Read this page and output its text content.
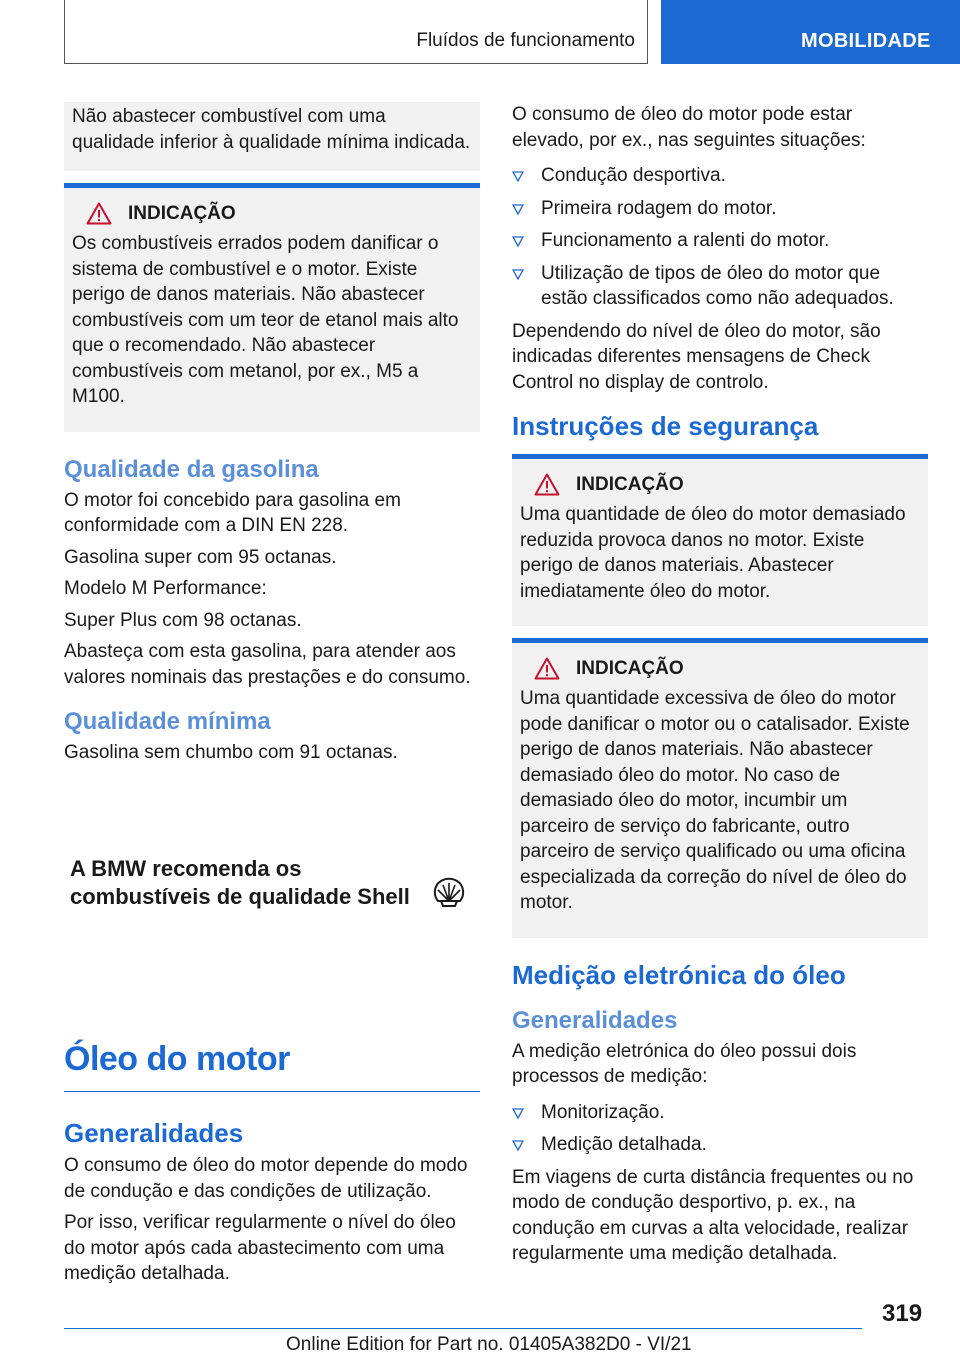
Fluídos de funcionamento	MOBILIDADE

Não abastecer combustível com uma qualidade inferior à qualidade mínima indicada.

INDICAÇÃO

Os combustíveis errados podem danificar o sistema de combustível e o motor. Existe perigo de danos materiais. Não abastecer combustíveis com um teor de etanol mais alto que o recomendado. Não abastecer combustíveis com metanol, por ex., M5 a M100.

Qualidade da gasolina

O motor foi concebido para gasolina em conformidade com a DIN EN 228.

Gasolina super com 95 octanas.

Modelo M Performance:

Super Plus com 98 octanas.

Abasteça com esta gasolina, para atender aos valores nominais das prestações e do consumo.

Qualidade mínima

Gasolina sem chumbo com 91 octanas.

A BMW recomenda os
combustíveis de qualidade Shell
Óleo do motor
Generalidades

O consumo de óleo do motor depende do modo de condução e das condições de utilização.

Por isso, verificar regularmente o nível do óleo do motor após cada abastecimento com uma medição detalhada.

O consumo de óleo do motor pode estar elevado, por ex., nas seguintes situações:

Condução desportiva.
Primeira rodagem do motor.
Funcionamento a ralenti do motor.
Utilização de tipos de óleo do motor que estão classificados como não adequados.

Dependendo do nível de óleo do motor, são indicadas diferentes mensagens de Check Control no display de controlo.

Instruções de segurança
INDICAÇÃO

Uma quantidade de óleo do motor demasiado reduzida provoca danos no motor. Existe perigo de danos materiais. Abastecer imediatamente óleo do motor.

INDICAÇÃO

Uma quantidade excessiva de óleo do motor pode danificar o motor ou o catalisador. Existe perigo de danos materiais. Não abastecer demasiado óleo do motor. No caso de demasiado óleo do motor, incumbir um parceiro de serviço do fabricante, outro parceiro de serviço qualificado ou uma oficina especializada da correção do nível de óleo do motor.

Medição eletrónica do óleo
Generalidades

A medição eletrónica do óleo possui dois processos de medição:

Monitorização.
Medição detalhada.

Em viagens de curta distância frequentes ou no modo de condução desportivo, p. ex., na condução em curvas a alta velocidade, realizar regularmente uma medição detalhada.

319
Online Edition for Part no. 01405A382D0 - VI/21
